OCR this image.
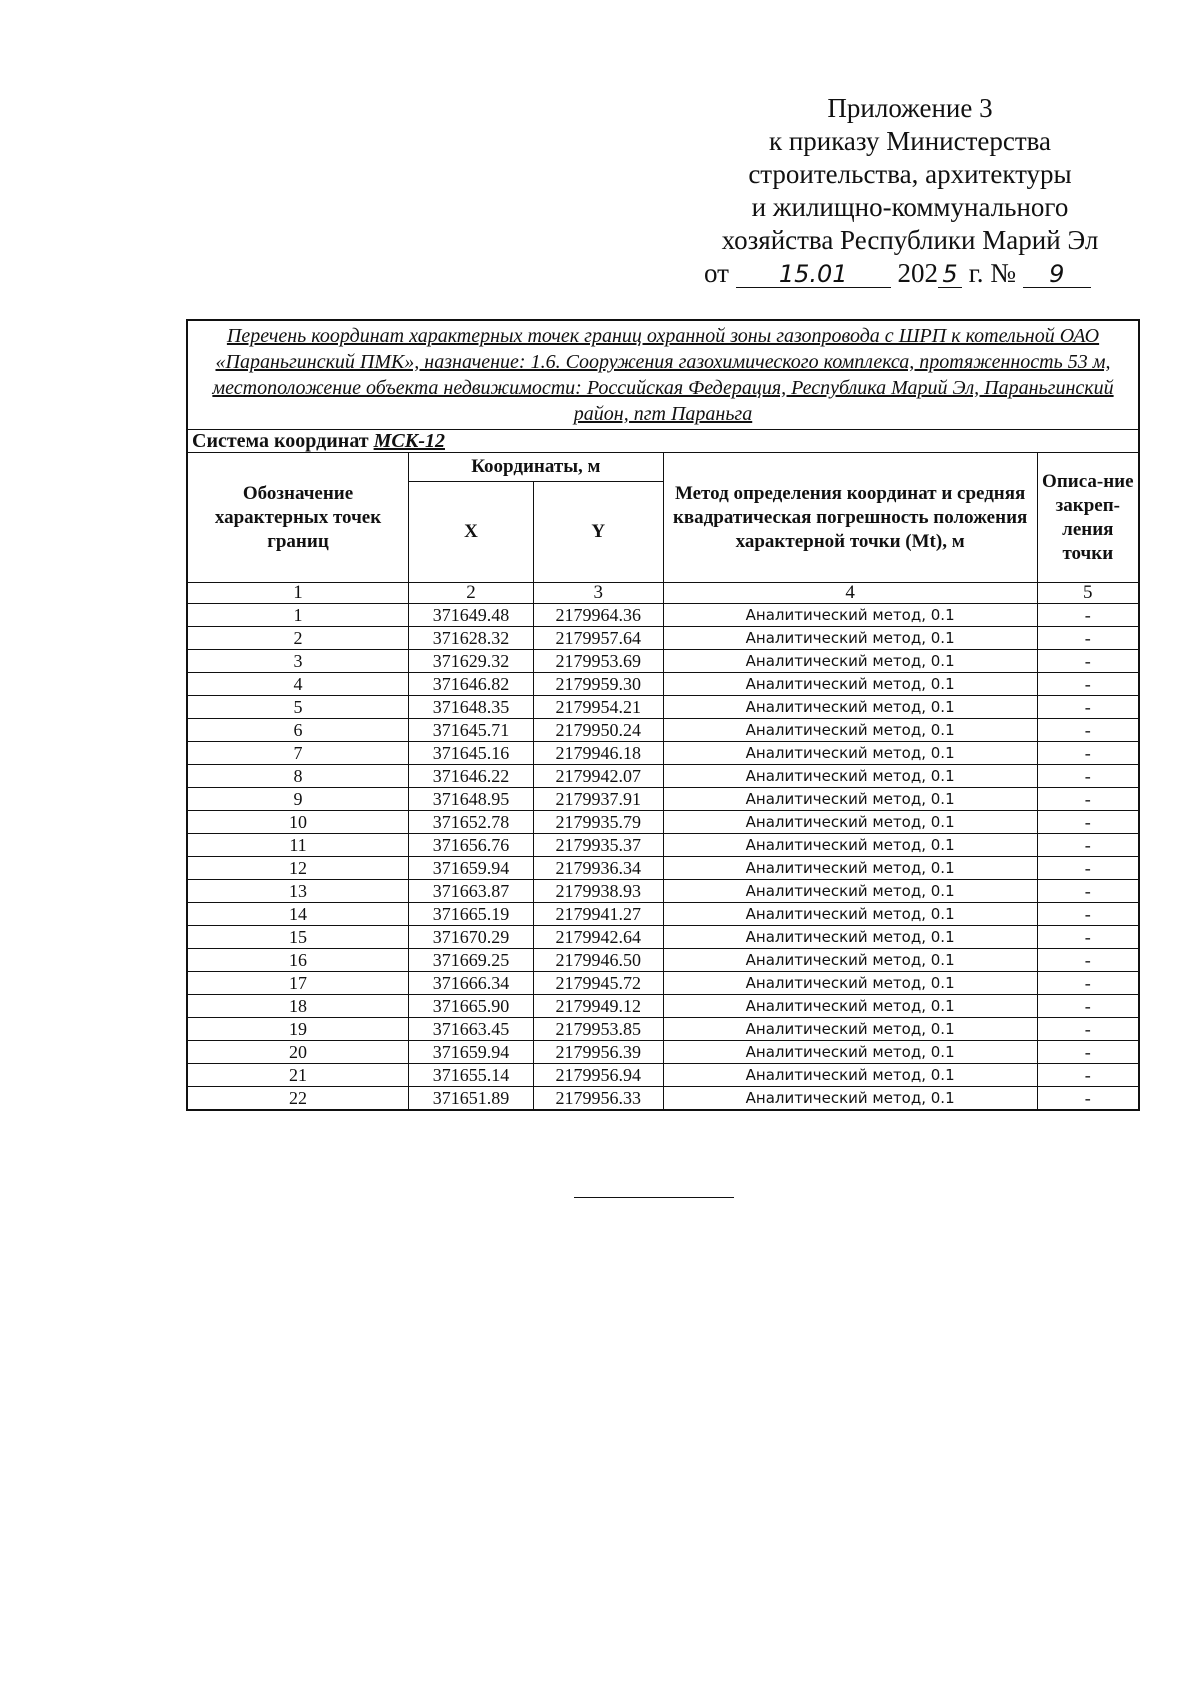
Приложение 3
к приказу Министерства
строительства, архитектуры
и жилищно-коммунального
хозяйства Республики Марий Эл
от 15.01 202 5 г. № 9
Перечень координат характерных точек границ охранной зоны газопровода с ШРП к котельной ОАО «Параньгинский ПМК», назначение: 1.6. Сооружения газохимического комплекса, протяженность 53 м, местоположение объекта недвижимости: Российская Федерация, Республика Марий Эл, Параньгинский район, пгт Параньга				
Система координат МСК-12				
Обозначение характерных точек границ	Координаты, м		Метод определения координат и средняя квадратическая погрешность положения характерной точки (Mt), м	Описа-ние закреп-ления точки
	X	Y		
1	2	3	4	5
1	371649.48	2179964.36	Аналитический метод, 0.1	-
2	371628.32	2179957.64	Аналитический метод, 0.1	-
3	371629.32	2179953.69	Аналитический метод, 0.1	-
4	371646.82	2179959.30	Аналитический метод, 0.1	-
5	371648.35	2179954.21	Аналитический метод, 0.1	-
6	371645.71	2179950.24	Аналитический метод, 0.1	-
7	371645.16	2179946.18	Аналитический метод, 0.1	-
8	371646.22	2179942.07	Аналитический метод, 0.1	-
9	371648.95	2179937.91	Аналитический метод, 0.1	-
10	371652.78	2179935.79	Аналитический метод, 0.1	-
11	371656.76	2179935.37	Аналитический метод, 0.1	-
12	371659.94	2179936.34	Аналитический метод, 0.1	-
13	371663.87	2179938.93	Аналитический метод, 0.1	-
14	371665.19	2179941.27	Аналитический метод, 0.1	-
15	371670.29	2179942.64	Аналитический метод, 0.1	-
16	371669.25	2179946.50	Аналитический метод, 0.1	-
17	371666.34	2179945.72	Аналитический метод, 0.1	-
18	371665.90	2179949.12	Аналитический метод, 0.1	-
19	371663.45	2179953.85	Аналитический метод, 0.1	-
20	371659.94	2179956.39	Аналитический метод, 0.1	-
21	371655.14	2179956.94	Аналитический метод, 0.1	-
22	371651.89	2179956.33	Аналитический метод, 0.1	-
